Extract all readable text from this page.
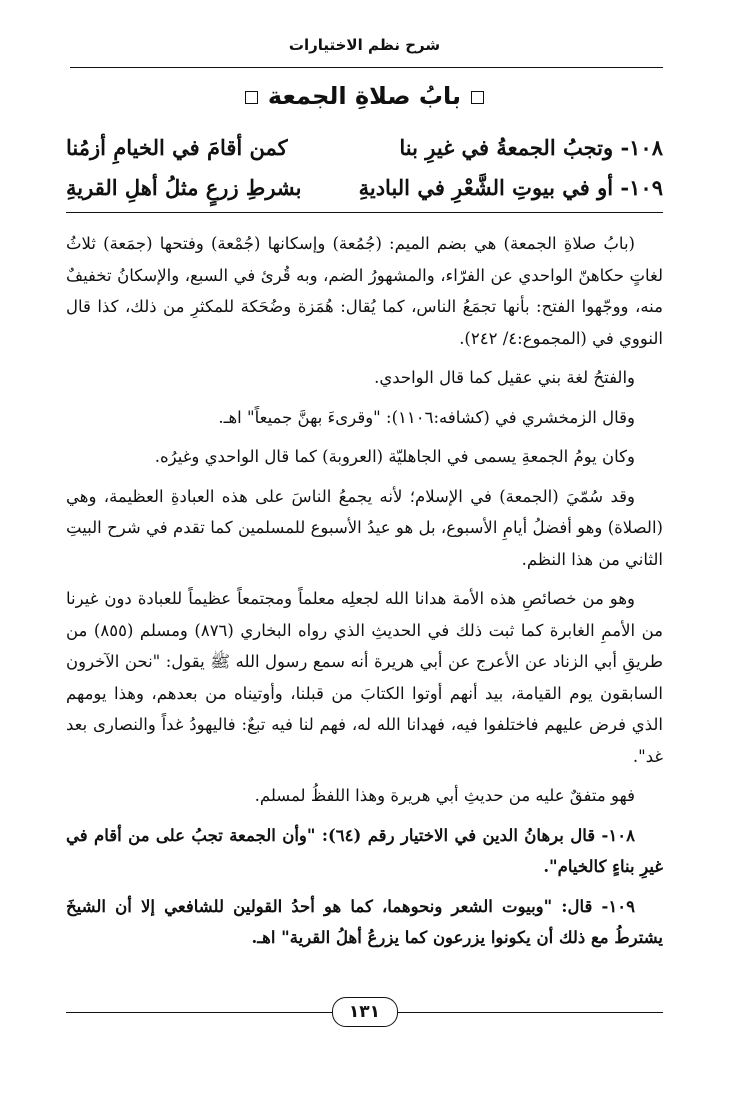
شرح نظم الاختيارات
بابُ صلاةِ الجمعة
١٠٨- وتجبُ الجمعةُ في غيرِ بنا
كمن أقامَ في الخيامِ أزمُنا
١٠٩- أو في بيوتِ الشَّعْرِ في الباديةِ
بشرطِ زرعٍ مثلُ أهلِ القريةِ

(بابُ صلاةِ الجمعة) هي بضم الميم: (جُمُعة) وإسكانها (جُمْعة) وفتحها (جمَعة) ثلاثُ لغاتٍ حكاهنّ الواحدي عن الفرّاء، والمشهورُ الضم، وبه قُرئ في السبع، والإسكانُ تخفيفٌ منه، ووجّهوا الفتح: بأنها تجمَعُ الناس، كما يُقال: هُمَزة وضُحَكة للمكثرِ من ذلك، كذا قال النووي في (المجموع:٤/ ٢٤٢).

والفتحُ لغة بني عقيل كما قال الواحدي.

وقال الزمخشري في (كشافه:١١٠٦): "وقرىءَ بهنَّ جميعاً" اهـ.

وكان يومُ الجمعةِ يسمى في الجاهليّة (العروبة) كما قال الواحدي وغيرُه.

وقد سُمّيَ (الجمعة) في الإسلام؛ لأنه يجمعُ الناسَ على هذه العبادةِ العظيمة، وهي (الصلاة) وهو أفضلُ أيامِ الأسبوع، بل هو عيدُ الأسبوع للمسلمين كما تقدم في شرح البيتِ الثاني من هذا النظم.

وهو من خصائصِ هذه الأمة هدانا الله لجعلِه معلماً ومجتمعاً عظيماً للعبادة دون غيرنا من الأممِ الغابرة كما ثبت ذلك في الحديثِ الذي رواه البخاري (٨٧٦) ومسلم (٨٥٥) من طريقِ أبي الزناد عن الأعرج عن أبي هريرة أنه سمع رسول الله ﷺ يقول: "نحن الآخرون السابقون يوم القيامة، بيد أنهم أوتوا الكتابَ من قبلنا، وأوتيناه من بعدهم، وهذا يومهم الذي فرض عليهم فاختلفوا فيه، فهدانا الله له، فهم لنا فيه تبعٌ: فاليهودُ غداً والنصارى بعد غد".

فهو متفقٌ عليه من حديثِ أبي هريرة وهذا اللفظُ لمسلم.

١٠٨- قال برهانُ الدين في الاختيار رقم (٦٤): "وأن الجمعة تجبُ على من أقام في غيرِ بناءٍ كالخيام".

١٠٩- قال: "وبيوت الشعر ونحوهما، كما هو أحدُ القولين للشافعي إلا أن الشيخَ يشترطُ مع ذلك أن يكونوا يزرعون كما يزرعُ أهلُ القرية" اهـ.

١٣١
